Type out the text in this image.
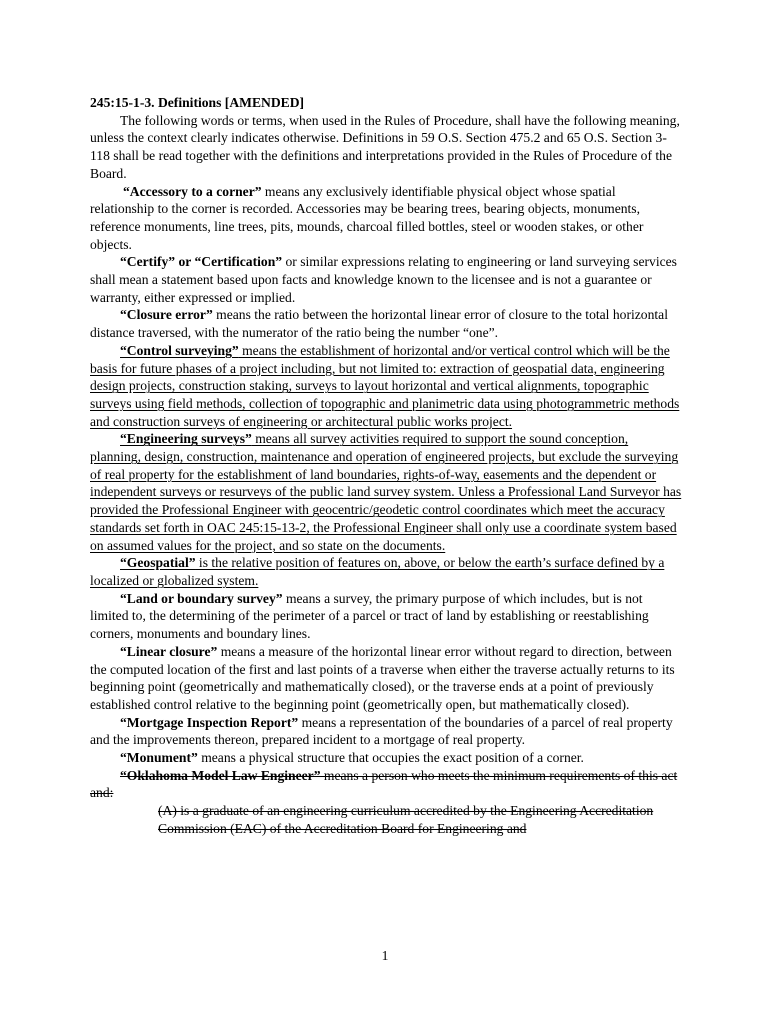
245:15-1-3. Definitions [AMENDED]

The following words or terms, when used in the Rules of Procedure, shall have the following meaning, unless the context clearly indicates otherwise. Definitions in 59 O.S. Section 475.2 and 65 O.S. Section 3-118 shall be read together with the definitions and interpretations provided in the Rules of Procedure of the Board.

“Accessory to a corner” means any exclusively identifiable physical object whose spatial relationship to the corner is recorded. Accessories may be bearing trees, bearing objects, monuments, reference monuments, line trees, pits, mounds, charcoal filled bottles, steel or wooden stakes, or other objects.

“Certify” or “Certification” or similar expressions relating to engineering or land surveying services shall mean a statement based upon facts and knowledge known to the licensee and is not a guarantee or warranty, either expressed or implied.

“Closure error” means the ratio between the horizontal linear error of closure to the total horizontal distance traversed, with the numerator of the ratio being the number “one”.

“Control surveying” means the establishment of horizontal and/or vertical control which will be the basis for future phases of a project including, but not limited to: extraction of geospatial data, engineering design projects, construction staking, surveys to layout horizontal and vertical alignments, topographic surveys using field methods, collection of topographic and planimetric data using photogrammetric methods and construction surveys of engineering or architectural public works project.

“Engineering surveys” means all survey activities required to support the sound conception, planning, design, construction, maintenance and operation of engineered projects, but exclude the surveying of real property for the establishment of land boundaries, rights-of-way, easements and the dependent or independent surveys or resurveys of the public land survey system. Unless a Professional Land Surveyor has provided the Professional Engineer with geocentric/geodetic control coordinates which meet the accuracy standards set forth in OAC 245:15-13-2, the Professional Engineer shall only use a coordinate system based on assumed values for the project, and so state on the documents.

“Geospatial” is the relative position of features on, above, or below the earth’s surface defined by a localized or globalized system.

“Land or boundary survey” means a survey, the primary purpose of which includes, but is not limited to, the determining of the perimeter of a parcel or tract of land by establishing or reestablishing corners, monuments and boundary lines.

“Linear closure” means a measure of the horizontal linear error without regard to direction, between the computed location of the first and last points of a traverse when either the traverse actually returns to its beginning point (geometrically and mathematically closed), or the traverse ends at a point of previously established control relative to the beginning point (geometrically open, but mathematically closed).

“Mortgage Inspection Report” means a representation of the boundaries of a parcel of real property and the improvements thereon, prepared incident to a mortgage of real property.

“Monument” means a physical structure that occupies the exact position of a corner.

“Oklahoma Model Law Engineer” means a person who meets the minimum requirements of this act and:

(A) is a graduate of an engineering curriculum accredited by the Engineering Accreditation Commission (EAC) of the Accreditation Board for Engineering and

1
